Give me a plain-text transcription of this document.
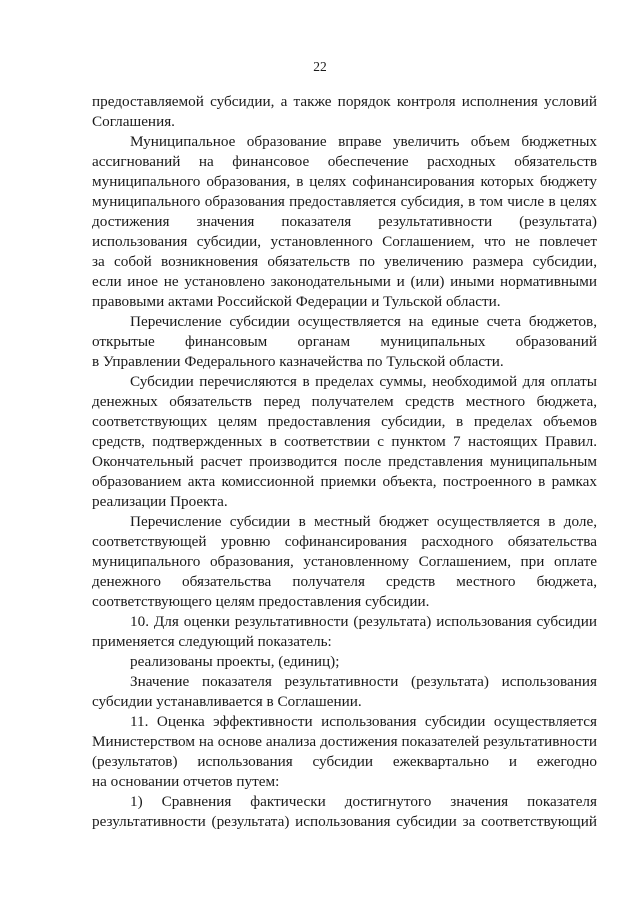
22
предоставляемой субсидии, а также порядок контроля исполнения условий
Соглашения.
Муниципальное образование вправе увеличить объем бюджетных
ассигнований на финансовое обеспечение расходных обязательств
муниципального образования, в целях софинансирования которых бюджету
муниципального образования предоставляется субсидия, в том числе в целях
достижения значения показателя результативности (результата)
использования субсидии, установленного Соглашением, что не повлечет
за собой возникновения обязательств по увеличению размера субсидии,
если иное не установлено законодательными и (или) иными нормативными
правовыми актами Российской Федерации и Тульской области.
Перечисление субсидии осуществляется на единые счета бюджетов,
открытые финансовым органам муниципальных образований
в Управлении Федерального казначейства по Тульской области.
Субсидии перечисляются в пределах суммы, необходимой для оплаты
денежных обязательств перед получателем средств местного бюджета,
соответствующих целям предоставления субсидии, в пределах объемов
средств, подтвержденных в соответствии с пунктом 7 настоящих Правил.
Окончательный расчет производится после представления муниципальным
образованием акта комиссионной приемки объекта, построенного в рамках
реализации Проекта.
Перечисление субсидии в местный бюджет осуществляется в доле,
соответствующей уровню софинансирования расходного обязательства
муниципального образования, установленному Соглашением, при оплате
денежного обязательства получателя средств местного бюджета,
соответствующего целям предоставления субсидии.
10. Для оценки результативности (результата) использования субсидии
применяется следующий показатель:
реализованы проекты, (единиц);
Значение показателя результативности (результата) использования
субсидии устанавливается в Соглашении.
11. Оценка эффективности использования субсидии осуществляется
Министерством на основе анализа достижения показателей результативности
(результатов) использования субсидии ежеквартально и ежегодно
на основании отчетов путем:
1) Сравнения фактически достигнутого значения показателя
результативности (результата) использования субсидии за соответствующий
